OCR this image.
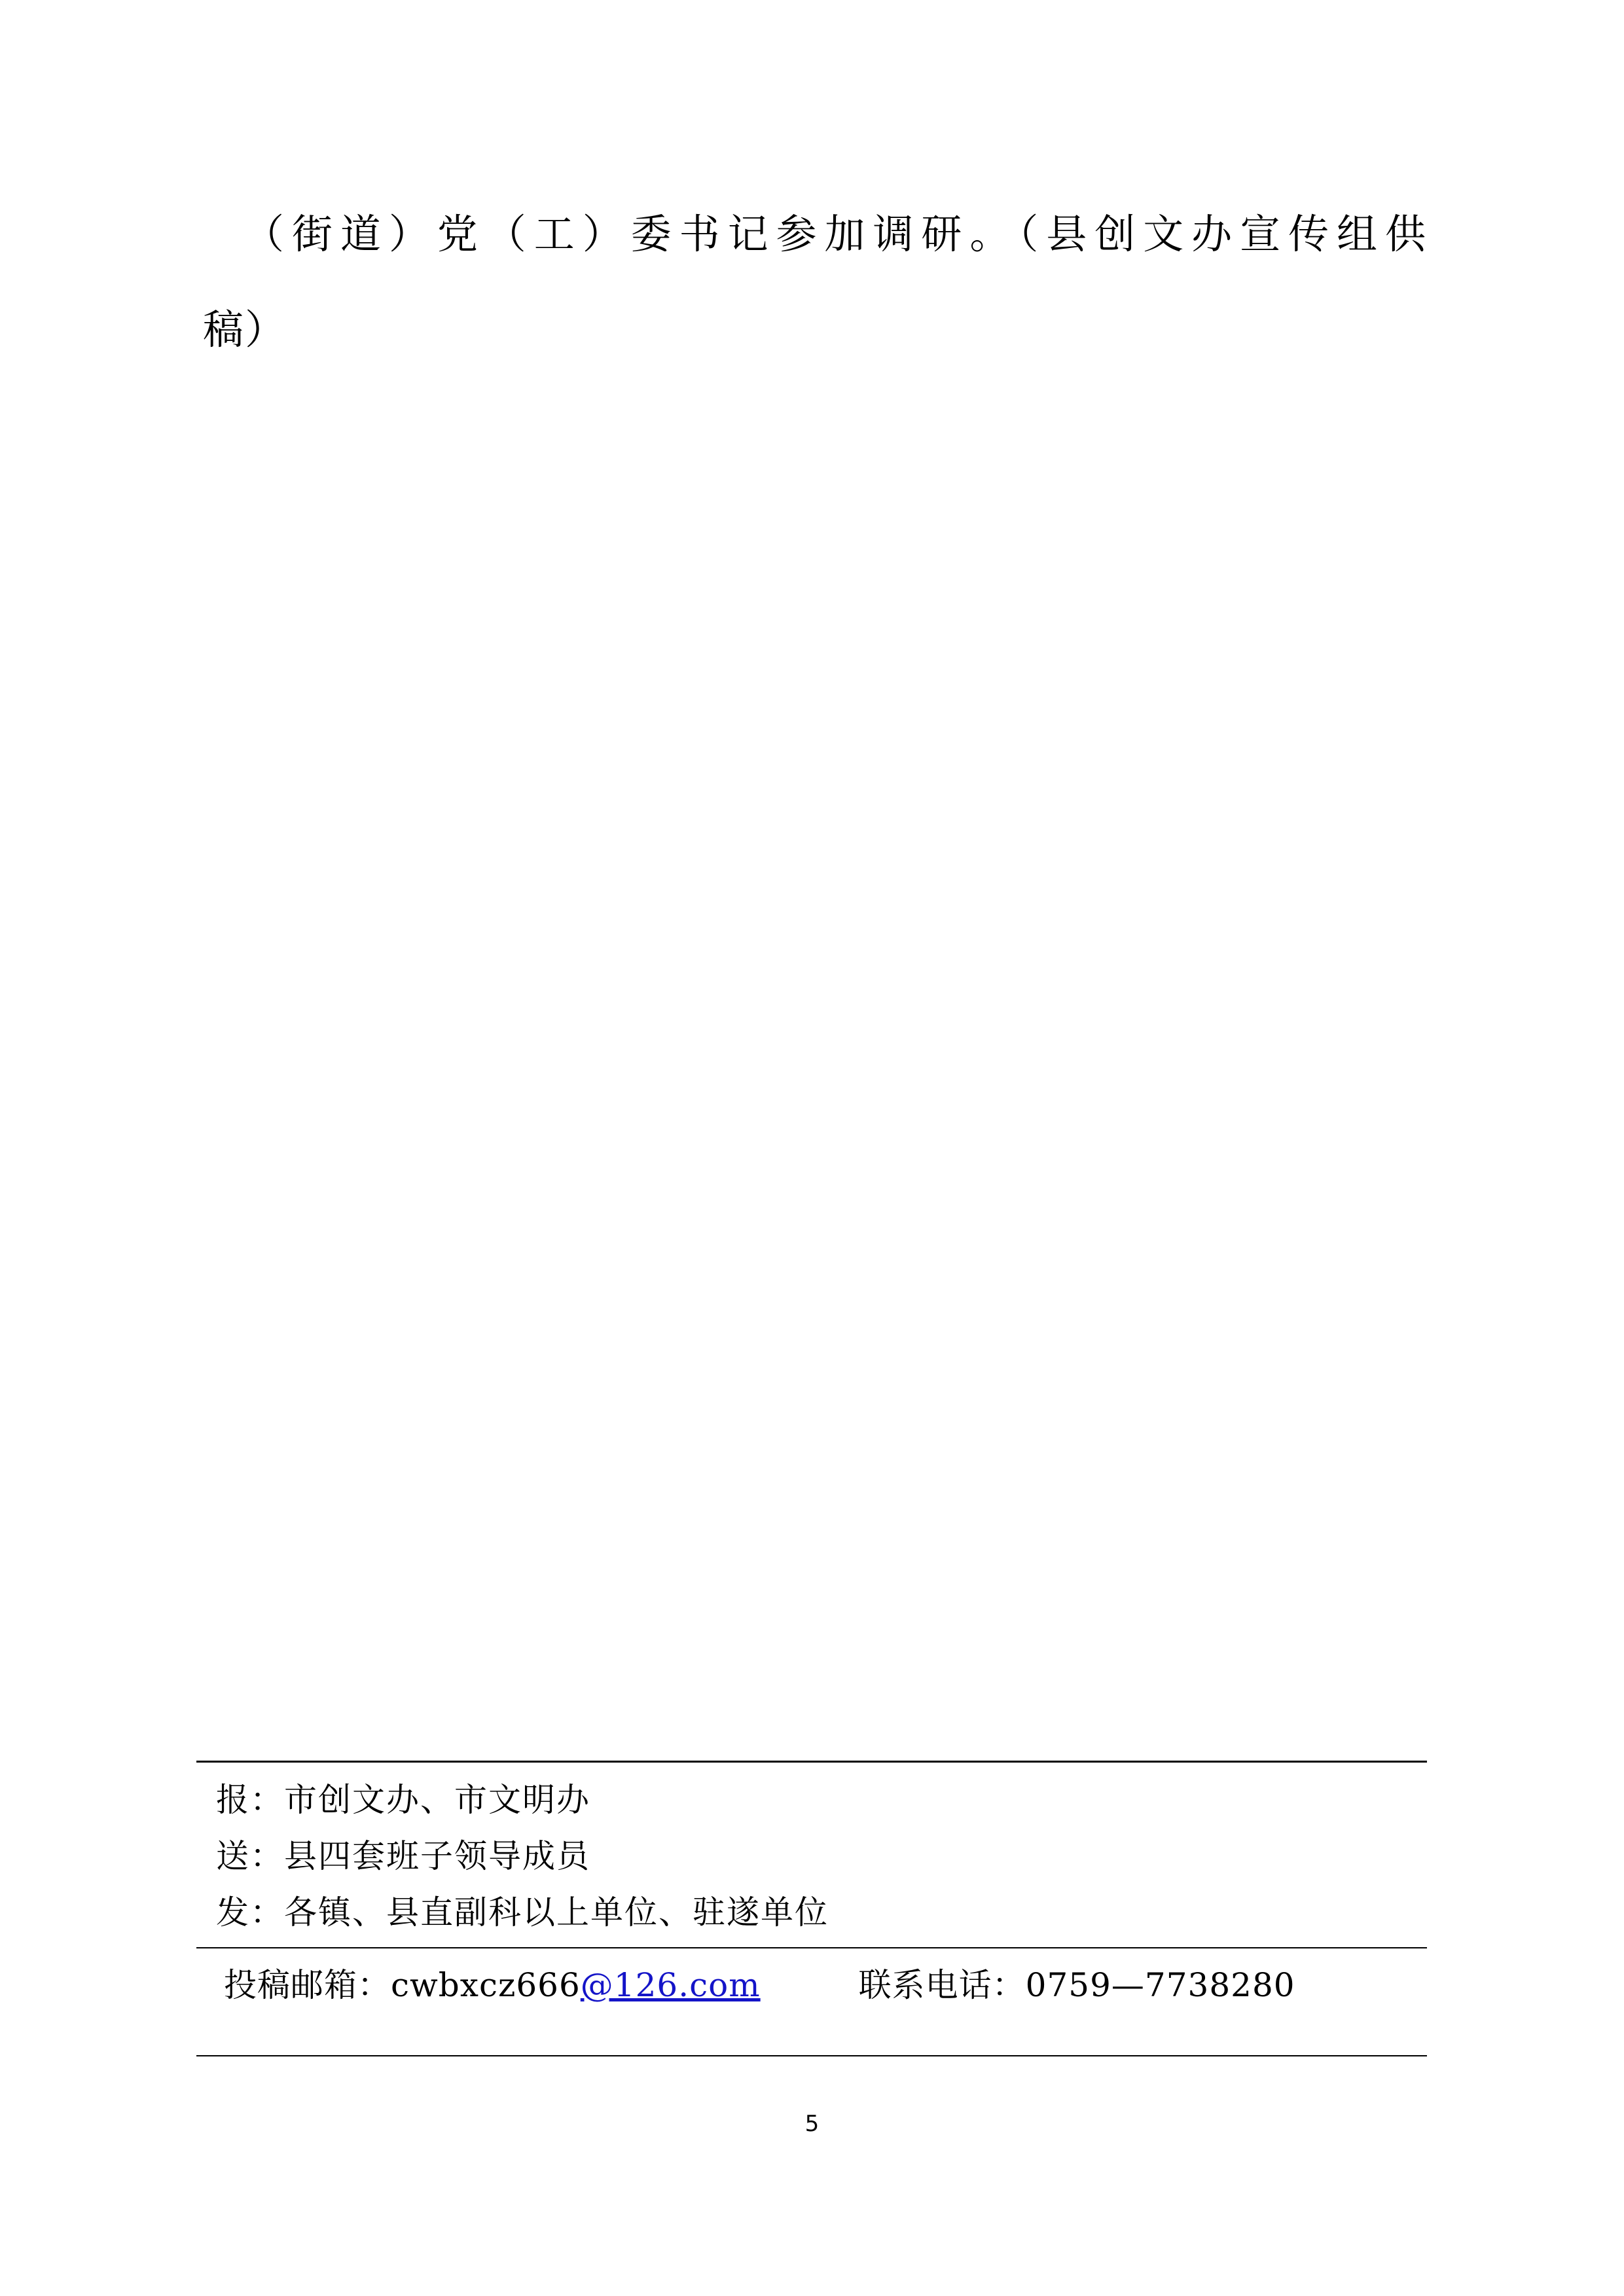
（街道）党（工）委书记参加调研。（县创文办宣传组供
稿）
报：市创文办、市文明办
送：县四套班子领导成员
发：各镇、县直副科以上单位、驻遂单位
投稿邮箱： cwbxcz666 @126.com	联系电话： 0759—7738280
5
